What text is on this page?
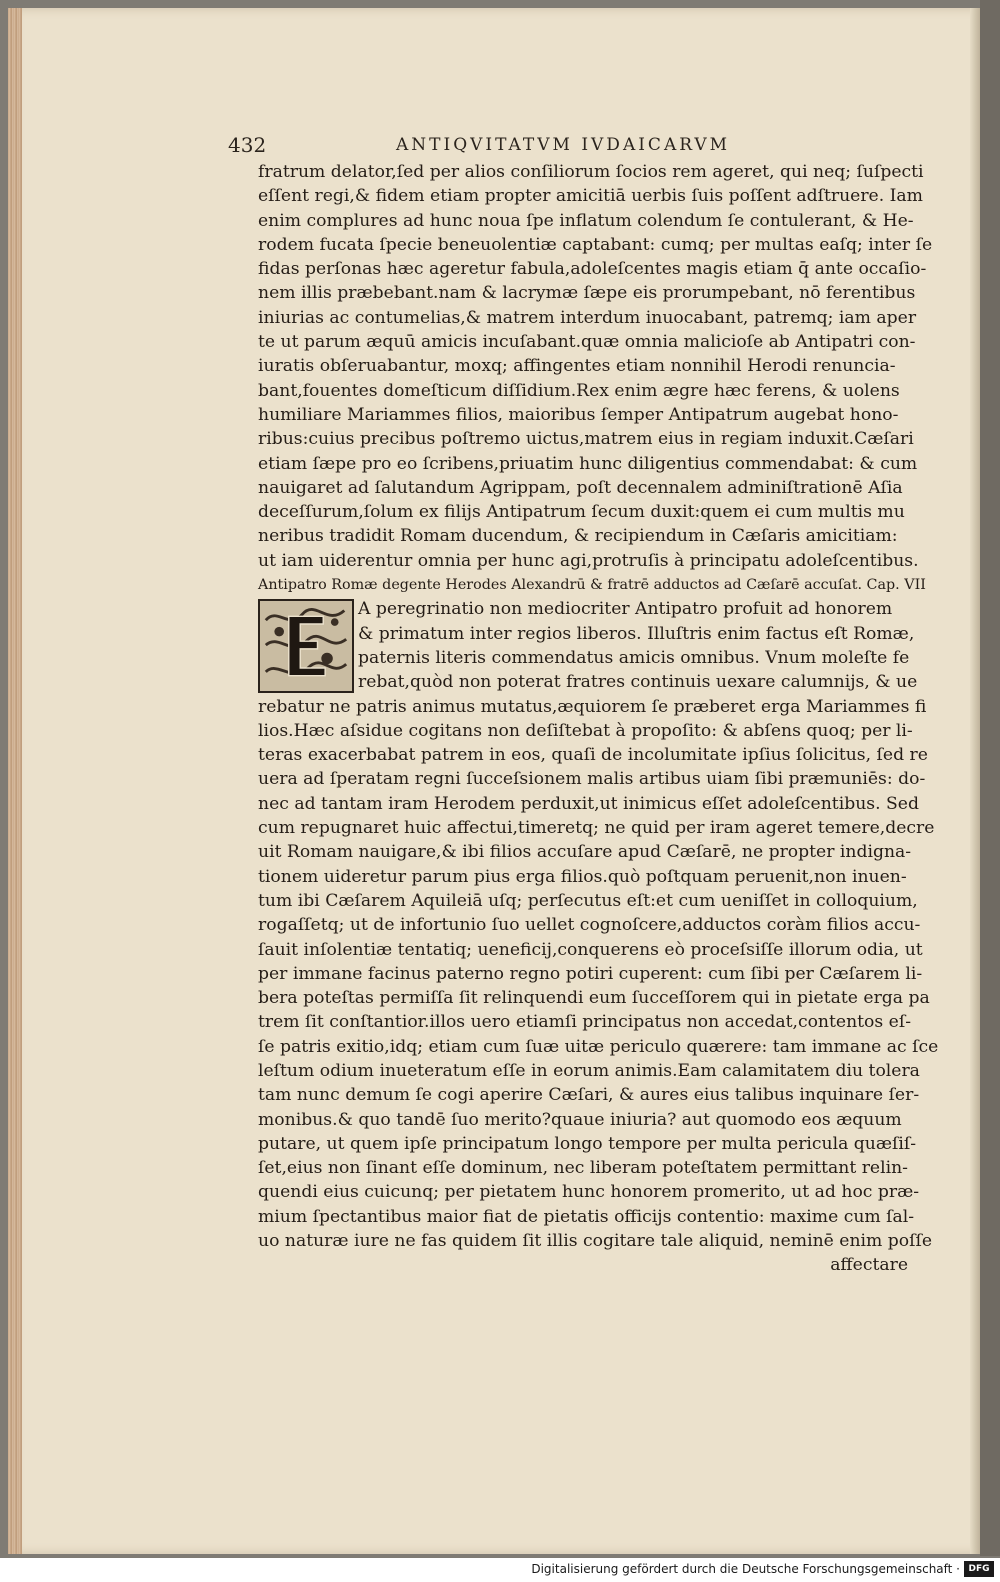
432	ANTIQVITATVM IVDAICARVM
fratrum delator,ſed per alios conſiliorum ſocios rem ageret, qui neq; ſuſpecti
eſſent regi,& fidem etiam propter amicitiā uerbis ſuis poſſent adſtruere. Iam
enim complures ad hunc noua ſpe inflatum colendum ſe contulerant, & He-
rodem fucata ſpecie beneuolentiæ captabant: cumq; per multas eaſq; inter ſe
fidas perſonas hæc ageretur fabula,adoleſcentes magis etiam q̄ ante occaſio-
nem illis præbebant.nam & lacrymæ ſæpe eis prorumpebant, nō ferentibus
iniurias ac contumelias,& matrem interdum inuocabant, patremq; iam aper
te ut parum æquū amicis incuſabant.quæ omnia malicioſe ab Antipatri con-
iuratis obſeruabantur, moxq; affingentes etiam nonnihil Herodi renuncia-
bant,fouentes domeſticum diſſidium.Rex enim ægre hæc ferens, & uolens
humiliare Mariammes filios, maioribus ſemper Antipatrum augebat hono-
ribus:cuius precibus poſtremo uictus,matrem eius in regiam induxit.Cæſari
etiam ſæpe pro eo ſcribens,priuatim hunc diligentius commendabat: & cum
nauigaret ad ſalutandum Agrippam, poſt decennalem adminiſtrationē Aſia
deceſſurum,ſolum ex filijs Antipatrum ſecum duxit:quem ei cum multis mu
neribus tradidit Romam ducendum, & recipiendum in Cæſaris amicitiam:
ut iam uiderentur omnia per hunc agi,protruſis à principatu adoleſcentibus.
Antipatro Romæ degente Herodes Alexandrū & fratrē adductos ad Cæſarē accuſat. Cap. VII
A peregrinatio non mediocriter Antipatro profuit ad honorem
& primatum inter regios liberos. Illuſtris enim factus eſt Romæ,
paternis literis commendatus amicis omnibus. Vnum moleſte fe
rebat,quòd non poterat fratres continuis uexare calumnijs, & ue
rebatur ne patris animus mutatus,æquiorem ſe præberet erga Mariammes fi
lios.Hæc aſsidue cogitans non deſiſtebat à propoſito: & abſens quoq; per li-
teras exacerbabat patrem in eos, quaſi de incolumitate ipſius ſolicitus, ſed re
uera ad ſperatam regni ſucceſsionem malis artibus uiam ſibi præmuniēs: do-
nec ad tantam iram Herodem perduxit,ut inimicus eſſet adoleſcentibus. Sed
cum repugnaret huic affectui,timeretq; ne quid per iram ageret temere,decre
uit Romam nauigare,& ibi filios accuſare apud Cæſarē, ne propter indigna-
tionem uideretur parum pius erga filios.quò poſtquam peruenit,non inuen-
tum ibi Cæſarem Aquileiā uſq; perſecutus eſt:et cum ueniſſet in colloquium,
rogaſſetq; ut de infortunio ſuo uellet cognoſcere,adductos coràm filios accu-
ſauit inſolentiæ tentatiq; ueneficij,conquerens eò proceſsiſſe illorum odia, ut
per immane facinus paterno regno potiri cuperent: cum ſibi per Cæſarem li-
bera poteſtas permiſſa ſit relinquendi eum ſucceſſorem qui in pietate erga pa
trem ſit conſtantior.illos uero etiamſi principatus non accedat,contentos eſ-
ſe patris exitio,idq; etiam cum ſuæ uitæ periculo quærere: tam immane ac ſce
leſtum odium inueteratum eſſe in eorum animis.Eam calamitatem diu tolera
tam nunc demum ſe cogi aperire Cæſari, & aures eius talibus inquinare ſer-
monibus.& quo tandē ſuo merito?quaue iniuria? aut quomodo eos æquum
putare, ut quem ipſe principatum longo tempore per multa pericula quæſiſ-
ſet,eius non ſinant eſſe dominum, nec liberam poteſtatem permittant relin-
quendi eius cuicunq; per pietatem hunc honorem promerito, ut ad hoc præ-
mium ſpectantibus maior fiat de pietatis officijs contentio: maxime cum ſal-
uo naturæ iure ne fas quidem ſit illis cogitare tale aliquid, neminē enim poſſe
affectare
Digitalisierung gefördert durch die Deutsche Forschungsgemeinschaft · DFG
